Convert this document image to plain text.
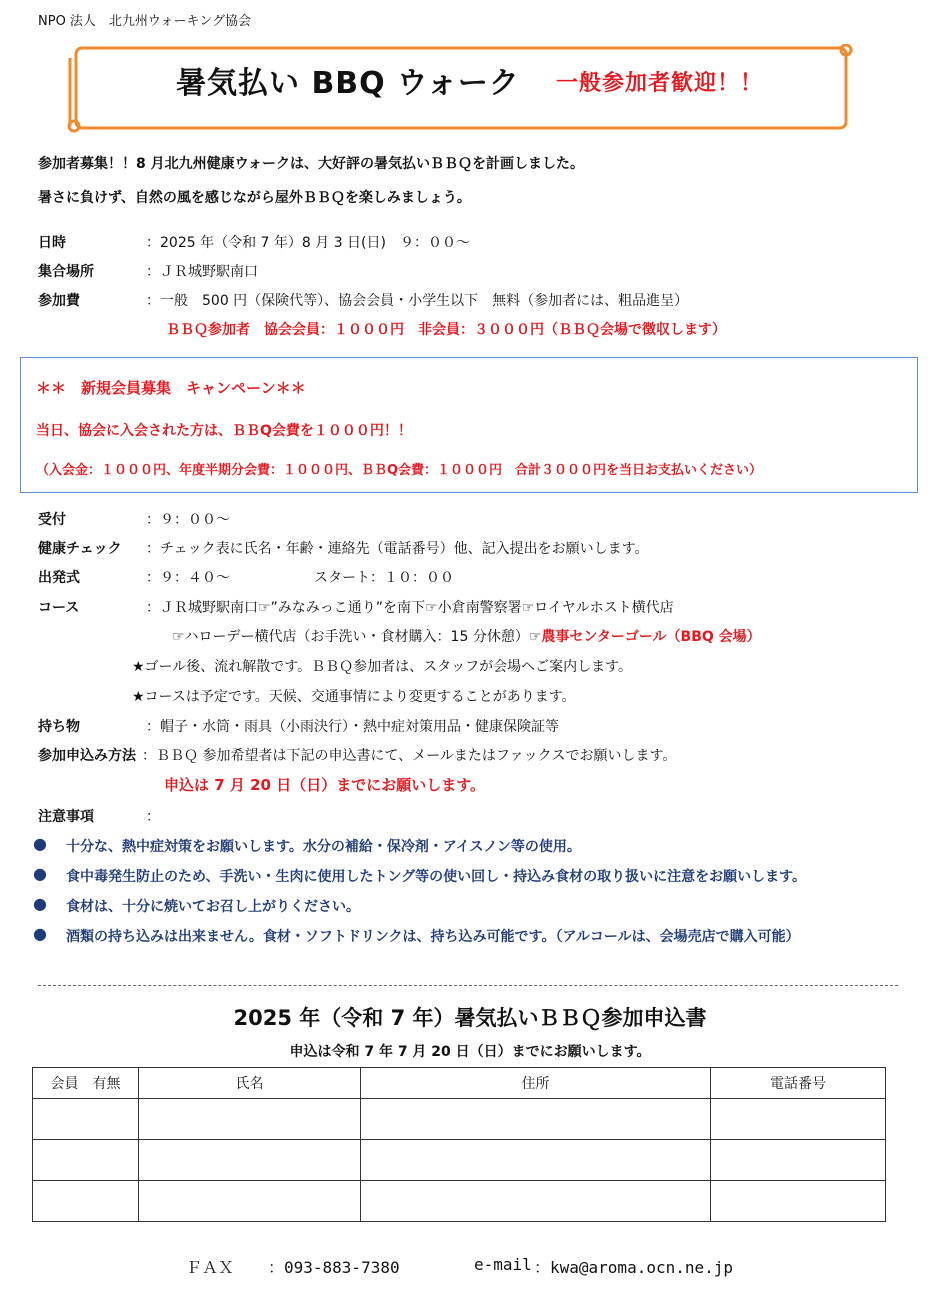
NPO 法人　北九州ウォーキング協会
暑気払い BBQ ウォーク 一般参加者歓迎！！
参加者募集！！8 月北九州健康ウォークは、大好評の暑気払いＢＢＱを計画しました。
暑さに負けず、自然の風を感じながら屋外ＢＢＱを楽しみましょう。
日時	：2025 年（令和 7 年）8 月 3 日(日)　９：００～
集合場所	：ＪＲ城野駅南口
参加費	：一般　500 円（保険代等）、協会会員・小学生以下　無料（参加者には、粗品進呈）
ＢＢＱ参加者　協会会員：１０００円　非会員：３０００円（ＢＢＱ会場で徴収します）
＊＊　新規会員募集　キャンペーン＊＊
当日、協会に入会された方は、ＢＢQ会費を１０００円！！
（入会金：１０００円、年度半期分会費：１０００円、ＢＢQ会費：１０００円　合計３０００円を当日お支払いください）
受付	：９：００～
健康チェック ：チェック表に氏名・年齢・連絡先（電話番号）他、記入提出をお願いします。
出発式	：９：４０～	スタート：１０：００
コース	：ＪＲ城野駅南口☞”みなみっこ通り”を南下☞小倉南警察署☞ロイヤルホスト横代店
☞ハローデー横代店（お手洗い・食材購入：15 分休憩）☞農事センターゴール（BBQ 会場）
★ゴール後、流れ解散です。ＢＢＱ参加者は、スタッフが会場へご案内します。
★コースは予定です。天候、交通事情により変更することがあります。
持ち物	：帽子・水筒・雨具（小雨決行）・熱中症対策用品・健康保険証等
参加申込み方法 ：ＢＢＱ 参加希望者は下記の申込書にて、メールまたはファックスでお願いします。
申込は 7 月 20 日（日）までにお願いします。
注意事項	：
● 十分な、熱中症対策をお願いします。水分の補給・保冷剤・アイスノン等の使用。
● 食中毒発生防止のため、手洗い・生肉に使用したトング等の使い回し・持込み食材の取り扱いに注意をお願いします。
● 食材は、十分に焼いてお召し上がりください。
● 酒類の持ち込みは出来ません。食材・ソフトドリンクは、持ち込み可能です。（アルコールは、会場売店で購入可能）
2025 年（令和 7 年）暑気払いＢＢＱ参加申込書
申込は令和 7 年 7 月 20 日（日）までにお願いします。
会員　有無	氏名	住所	電話番号

ＦＡＸ ：093-883-7380	e-mail ：kwa@aroma.ocn.ne.jp
